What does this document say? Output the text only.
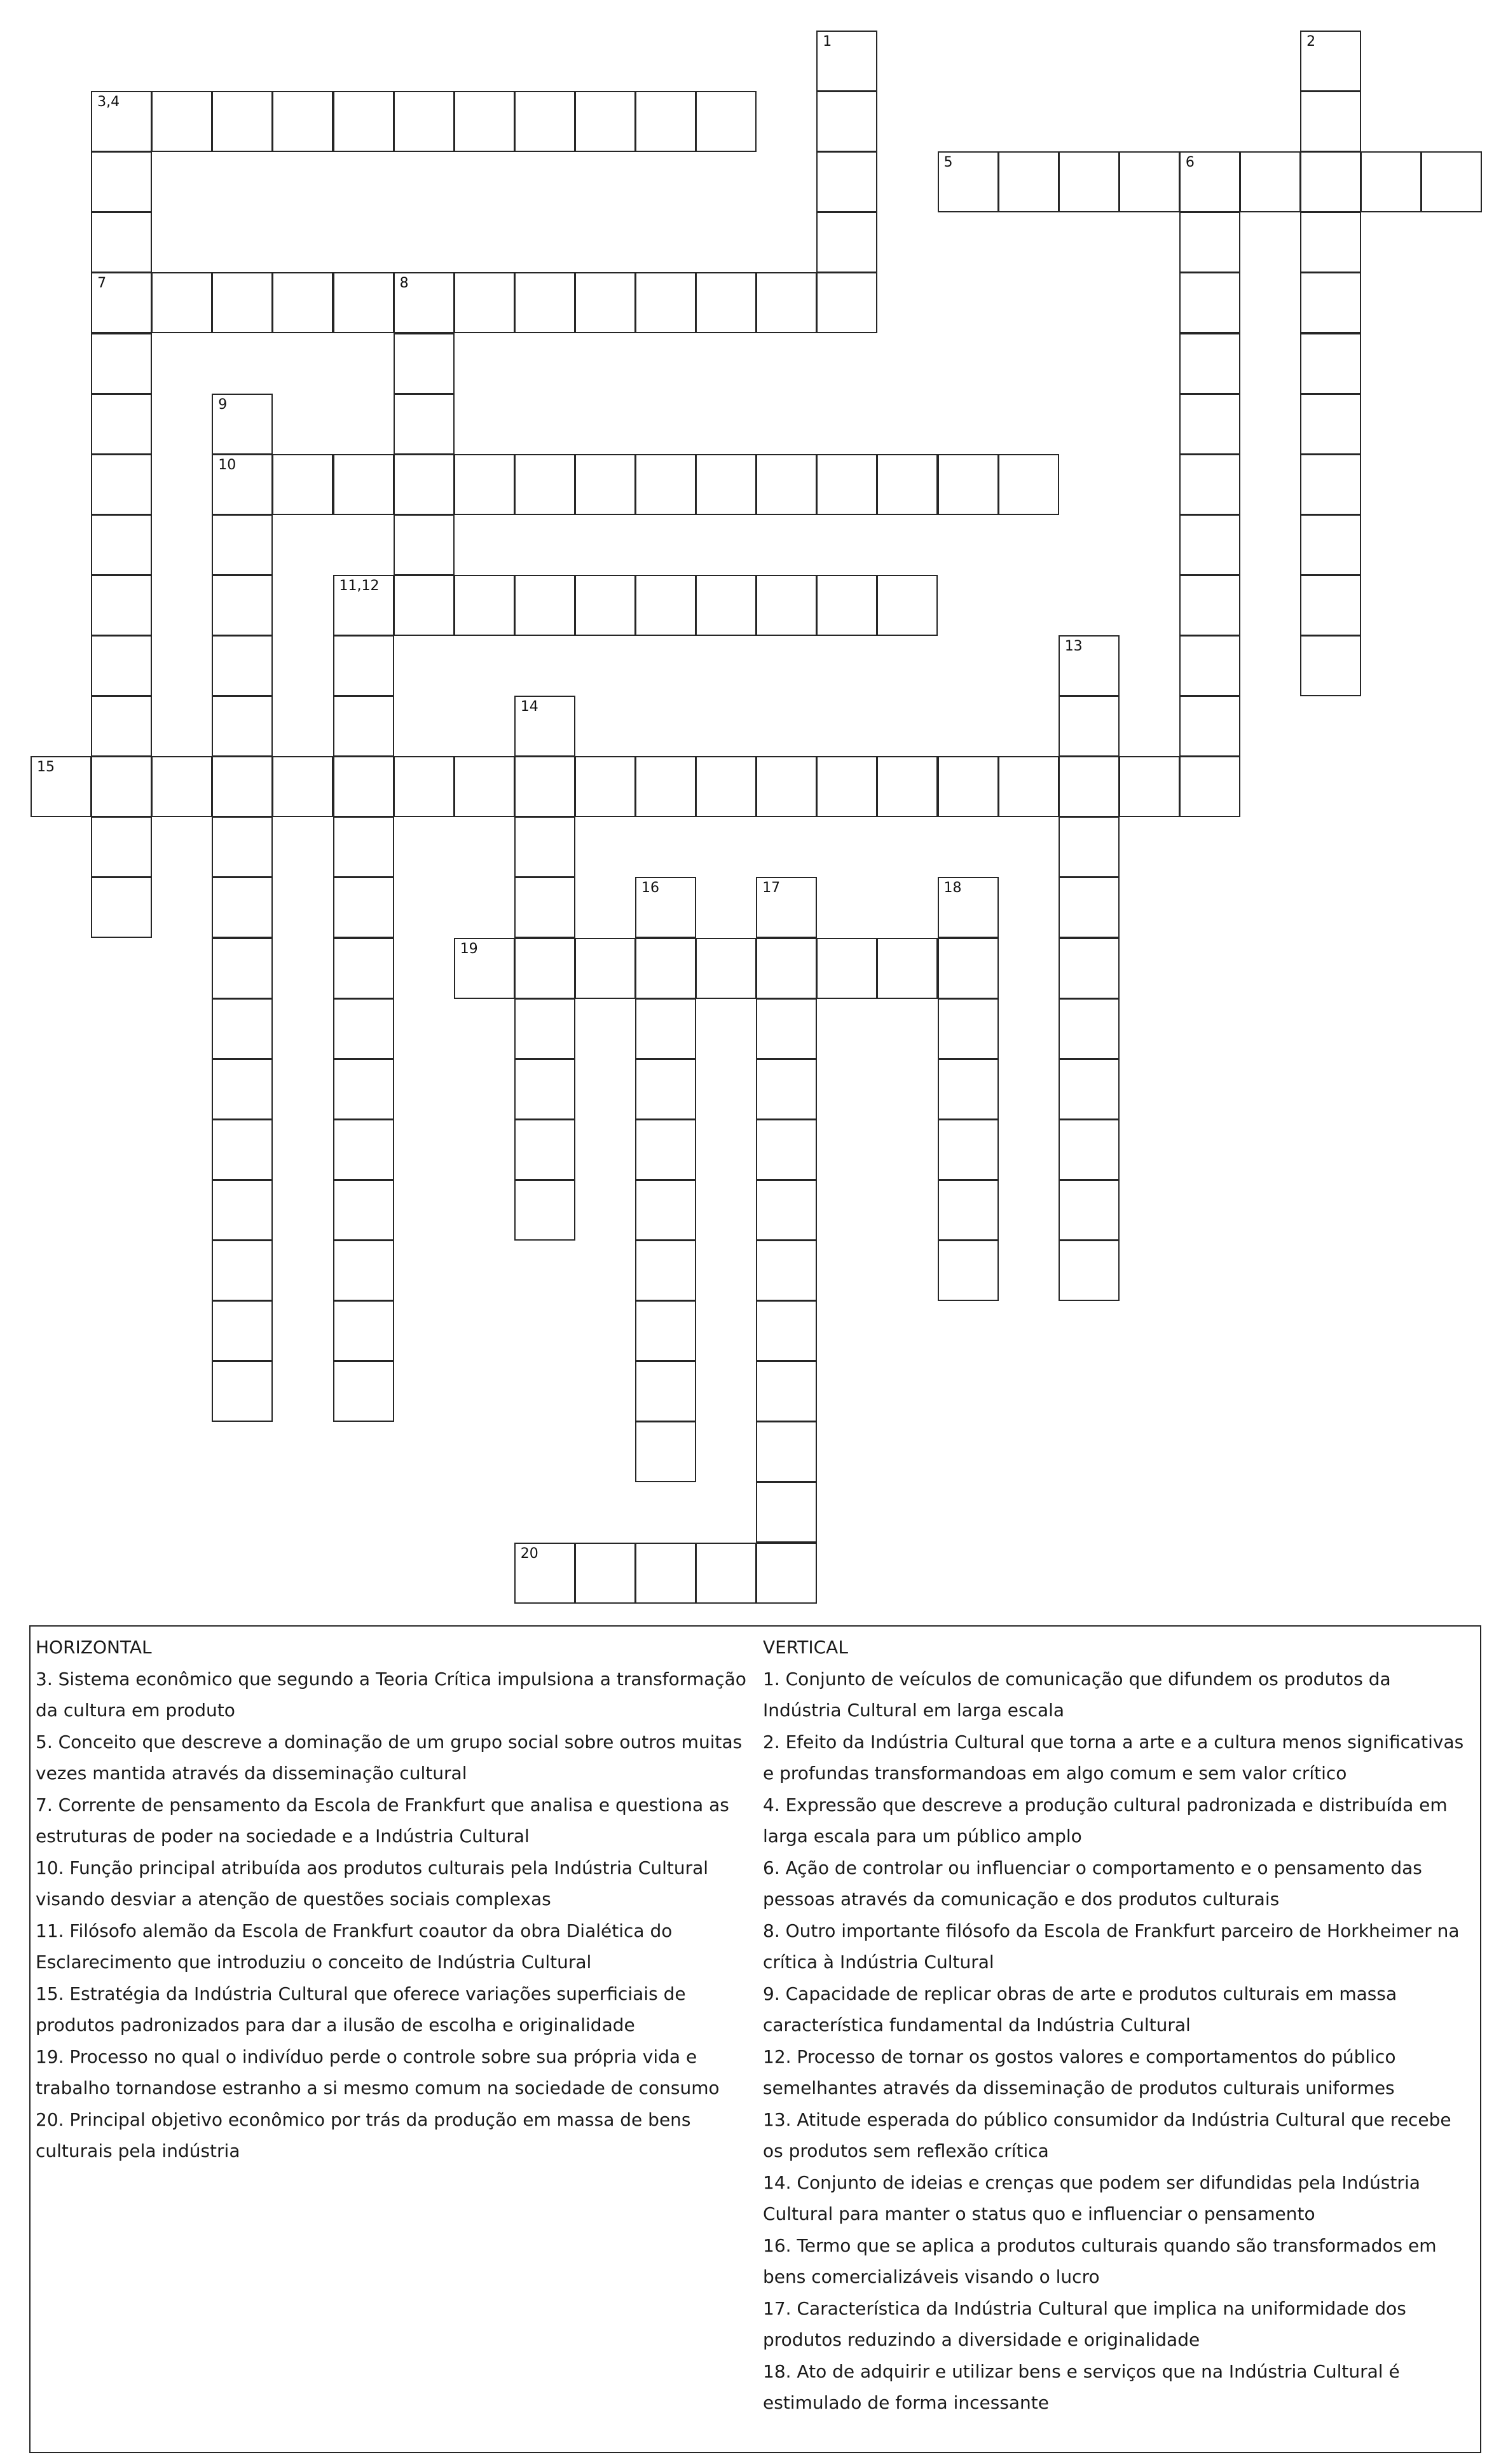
3,4
5	6
7	8
10
11,12
15
19
20
1	2
9
13
14
16	17	18
HORIZONTAL
3. Sistema econômico que segundo a Teoria Crítica impulsiona a transformação da cultura em produto
5. Conceito que descreve a dominação de um grupo social sobre outros muitas vezes mantida através da disseminação cultural
7. Corrente de pensamento da Escola de Frankfurt que analisa e questiona as estruturas de poder na sociedade e a Indústria Cultural
10. Função principal atribuída aos produtos culturais pela Indústria Cultural visando desviar a atenção de questões sociais complexas
11. Filósofo alemão da Escola de Frankfurt coautor da obra Dialética do Esclarecimento que introduziu o conceito de Indústria Cultural
15. Estratégia da Indústria Cultural que oferece variações superficiais de produtos padronizados para dar a ilusão de escolha e originalidade
19. Processo no qual o indivíduo perde o controle sobre sua própria vida e trabalho tornandose estranho a si mesmo comum na sociedade de consumo
20. Principal objetivo econômico por trás da produção em massa de bens culturais pela indústria
VERTICAL
1. Conjunto de veículos de comunicação que difundem os produtos da Indústria Cultural em larga escala
2. Efeito da Indústria Cultural que torna a arte e a cultura menos significativas e profundas transformandoas em algo comum e sem valor crítico
4. Expressão que descreve a produção cultural padronizada e distribuída em larga escala para um público amplo
6. Ação de controlar ou influenciar o comportamento e o pensamento das pessoas através da comunicação e dos produtos culturais
8. Outro importante filósofo da Escola de Frankfurt parceiro de Horkheimer na crítica à Indústria Cultural
9. Capacidade de replicar obras de arte e produtos culturais em massa característica fundamental da Indústria Cultural
12. Processo de tornar os gostos valores e comportamentos do público semelhantes através da disseminação de produtos culturais uniformes
13. Atitude esperada do público consumidor da Indústria Cultural que recebe os produtos sem reflexão crítica
14. Conjunto de ideias e crenças que podem ser difundidas pela Indústria Cultural para manter o status quo e influenciar o pensamento
16. Termo que se aplica a produtos culturais quando são transformados em bens comercializáveis visando o lucro
17. Característica da Indústria Cultural que implica na uniformidade dos produtos reduzindo a diversidade e originalidade
18. Ato de adquirir e utilizar bens e serviços que na Indústria Cultural é estimulado de forma incessante
